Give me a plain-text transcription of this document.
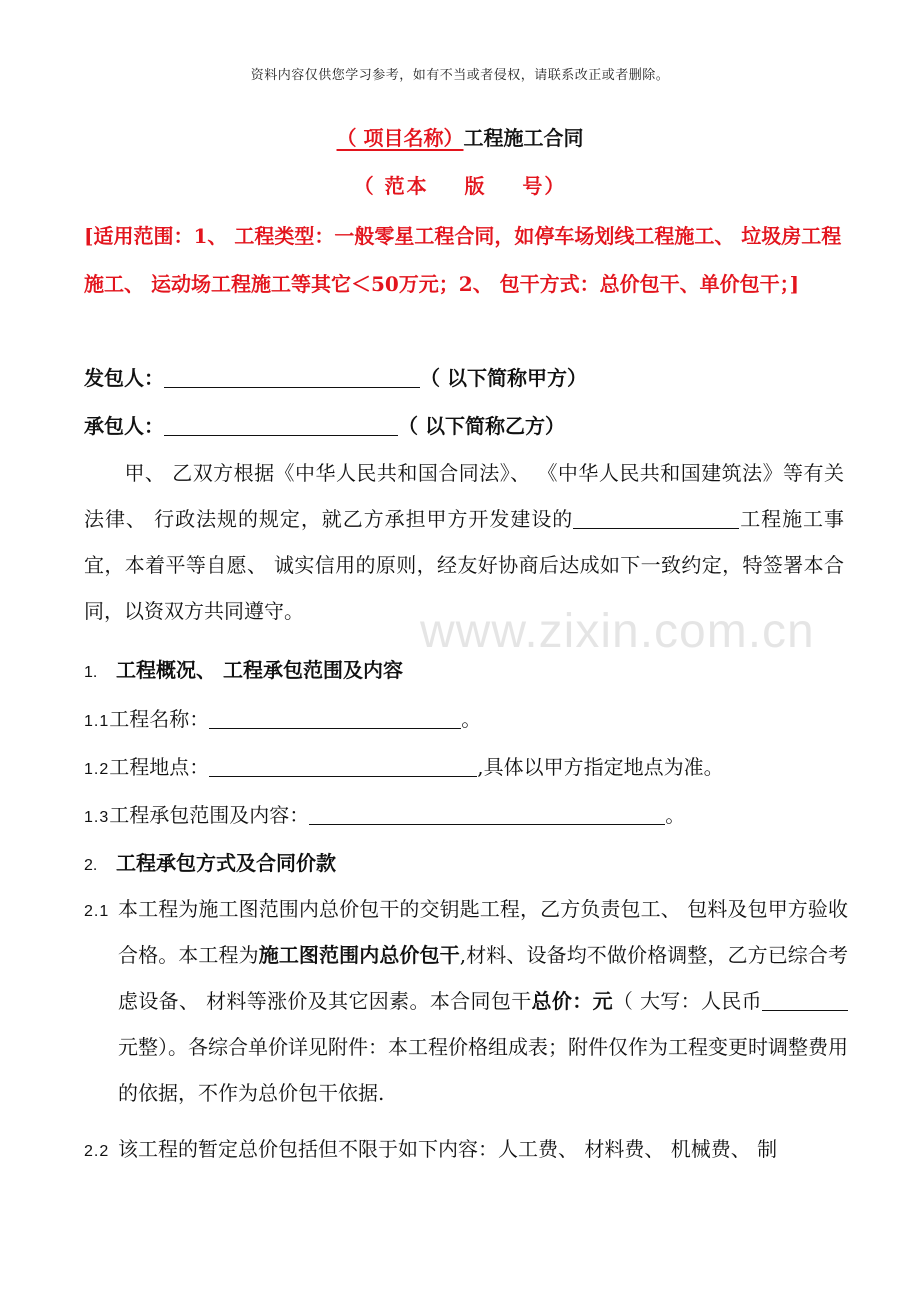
www.zixin.com.cn
资料内容仅供您学习参考，如有不当或者侵权，请联系改正或者删除。
（ 项目名称）工程施工合同
（ 范本    版    号）
[适用范围：1、 工程类型：一般零星工程合同，如停车场划线工程施工、 垃圾房工程施工、 运动场工程施工等其它＜50万元；2、 包干方式：总价包干、单价包干；]
发包人：	（ 以下简称甲方）
承包人：	（ 以下简称乙方）
甲、 乙双方根据《中华人民共和国合同法》、 《中华人民共和国建筑法》等有关法律、 行政法规的规定，就乙方承担甲方开发建设的	工程施工事宜，本着平等自愿、 诚实信用的原则，经友好协商后达成如下一致约定，特签署本合同，以资双方共同遵守。
1. 工程概况、 工程承包范围及内容
1.1工程名称：	。
1.2工程地点：	,具体以甲方指定地点为准。
1.3工程承包范围及内容：	。
2. 工程承包方式及合同价款
2.1 本工程为施工图范围内总价包干的交钥匙工程，乙方负责包工、 包料及包甲方验收合格。本工程为施工图范围内总价包干,材料、设备均不做价格调整，乙方已综合考虑设备、 材料等涨价及其它因素。本合同包干总价：元（ 大写：人民币元整）。各综合单价详见附件：本工程价格组成表；附件仅作为工程变更时调整费用的依据，不作为总价包干依据.
2.2 该工程的暂定总价包括但不限于如下内容：人工费、 材料费、 机械费、 制
